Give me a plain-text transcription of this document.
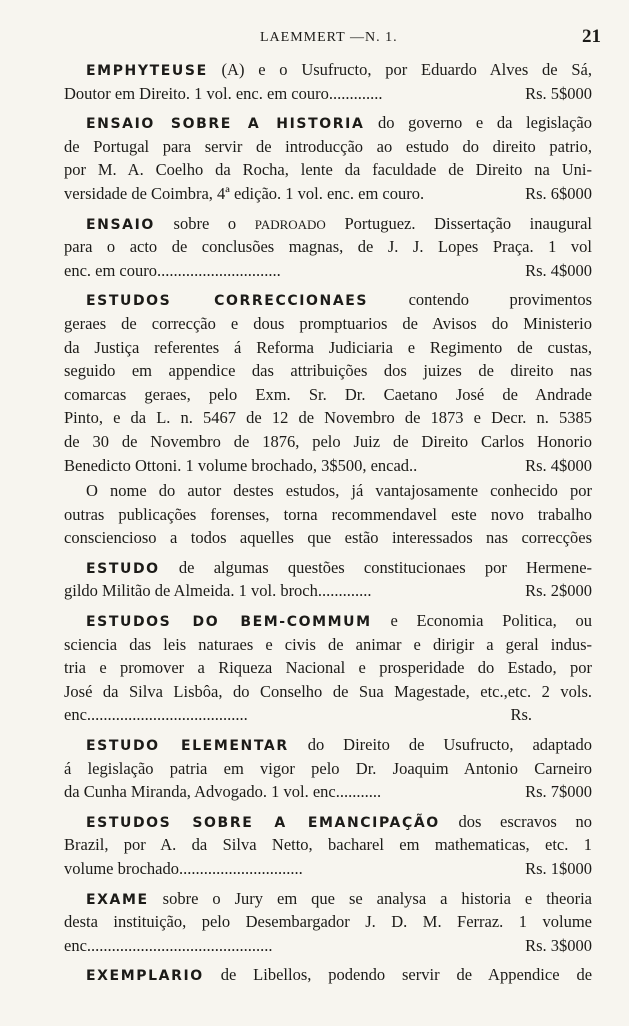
LAEMMERT —N. 1.	21
EMPHYTEUSE (A) e o Usufructo, por Eduardo Alves de Sá,
Doutor em Direito. 1 vol. enc. em couro.............	Rs. 5$000
ENSAIO SOBRE A HISTORIA do governo e da legislação
de Portugal para servir de introducção ao estudo do direito patrio,
por M. A. Coelho da Rocha, lente da faculdade de Direito na Uni-
versidade de Coimbra, 4ª edição. 1 vol. enc. em couro.	Rs. 6$000
ENSAIO sobre o PADROADO Portuguez. Dissertação inaugural
para o acto de conclusões magnas, de J. J. Lopes Praça. 1 vol
enc. em couro..............................	Rs. 4$000
ESTUDOS CORRECCIONAES contendo provimentos
geraes de correcção e dous promptuarios de Avisos do Ministerio
da Justiça referentes á Reforma Judiciaria e Regimento de custas,
seguido em appendice das attribuições dos juizes de direito nas
comarcas geraes, pelo Exm. Sr. Dr. Caetano José de Andrade
Pinto, e da L. n. 5467 de 12 de Novembro de 1873 e Decr. n. 5385
de 30 de Novembro de 1876, pelo Juiz de Direito Carlos Honorio
Benedicto Ottoni. 1 volume brochado, 3$500, encad..	Rs. 4$000
O nome do autor destes estudos, já vantajosamente conhecido por
outras publicações forenses, torna recommendavel este novo trabalho
consciencioso a todos aquelles que estão interessados nas correcções
ESTUDO de algumas questões constitucionaes por Hermene-
gildo Militão de Almeida. 1 vol. broch.............	Rs. 2$000
ESTUDOS DO BEM-COMMUM e Economia Politica, ou
sciencia das leis naturaes e civis de animar e dirigir a geral indus-
tria e promover a Riqueza Nacional e prosperidade do Estado, por
José da Silva Lisbôa, do Conselho de Sua Magestade, etc.,etc. 2 vols.
enc.......................................	Rs.
ESTUDO ELEMENTAR do Direito de Usufructo, adaptado
á legislação patria em vigor pelo Dr. Joaquim Antonio Carneiro
da Cunha Miranda, Advogado. 1 vol. enc...........	Rs. 7$000
ESTUDOS SOBRE A EMANCIPAÇÃO dos escravos no
Brazil, por A. da Silva Netto, bacharel em mathematicas, etc. 1
volume brochado..............................	Rs. 1$000
EXAME sobre o Jury em que se analysa a historia e theoria
desta instituição, pelo Desembargador J. D. M. Ferraz. 1 volume
enc.............................................	Rs. 3$000
EXEMPLARIO de Libellos, podendo servir de Appendice de
